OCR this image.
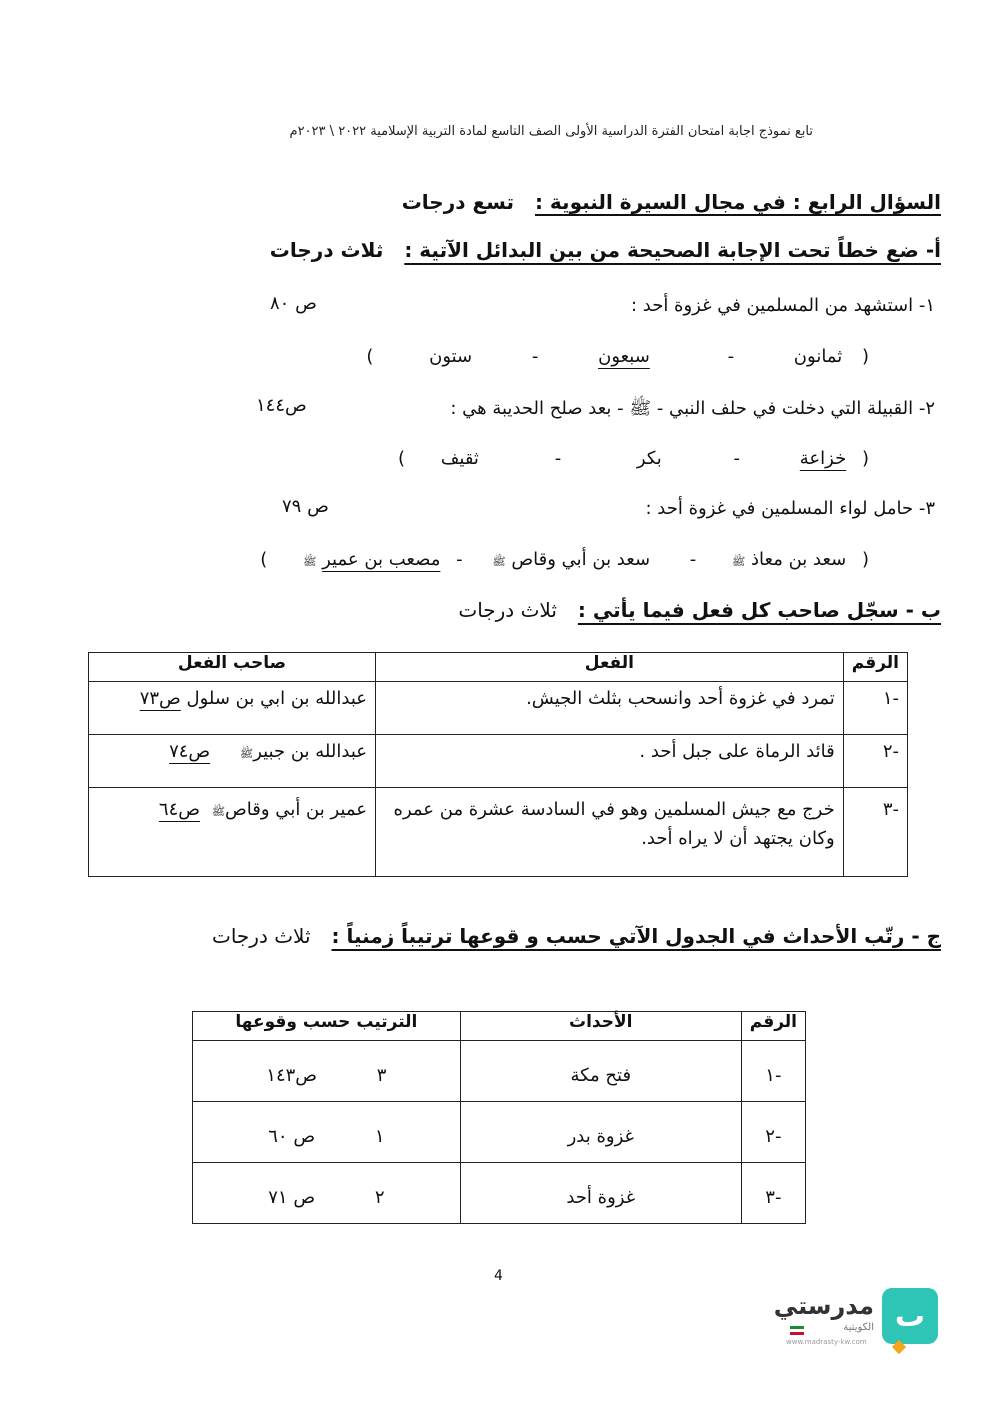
تابع نموذج اجابة امتحان الفترة الدراسية الأولى الصف التاسع لمادة التربية الإسلامية ٢٠٢٢ \ ٢٠٢٣م
السؤال الرابع : في مجال السيرة النبوية : تسع درجات
أ- ضع خطاً تحت الإجابة الصحيحة من بين البدائل الآتية : ثلاث درجات
١- استشهد من المسلمين في غزوة أحد :
ص ٨٠
( ثمانون - سبعون - ستون )
٢- القبيلة التي دخلت في حلف النبي - ﷺ - بعد صلح الحديبة هي :
ص١٤٤
( خزاعة - بكر - ثقيف )
٣- حامل لواء المسلمين في غزوة أحد :
ص ٧٩
( سعد بن معاذ ﷺ - سعد بن أبي وقاص ﷺ - مصعب بن عمير ﷺ )
ب - سجّل صاحب كل فعل فيما يأتي : ثلاث درجات
الرقم	الفعل	صاحب الفعل
-١	تمرد في غزوة أحد وانسحب بثلث الجيش.	عبدالله بن ابي بن سلول ص٧٣
-٢	قائد الرماة على جبل أحد .	عبدالله بن جبيرﷺ ص٧٤
-٣	خرج مع جيش المسلمين وهو في السادسة عشرة من عمره وكان يجتهد أن لا يراه أحد.	عمير بن أبي وقاصﷺ ص٦٤
ج - رتّب الأحداث في الجدول الآتي حسب و قوعها ترتيباً زمنياً : ثلاث درجات
الرقم	الأحداث	الترتيب حسب وقوعها
-١	فتح مكة	٣ ص١٤٣
-٢	غزوة بدر	١ ص ٦٠
-٣	غزوة أحد	٢ ص ٧١
4
ٮ
مدرستي
الكويتية
www.madrasty-kw.com
